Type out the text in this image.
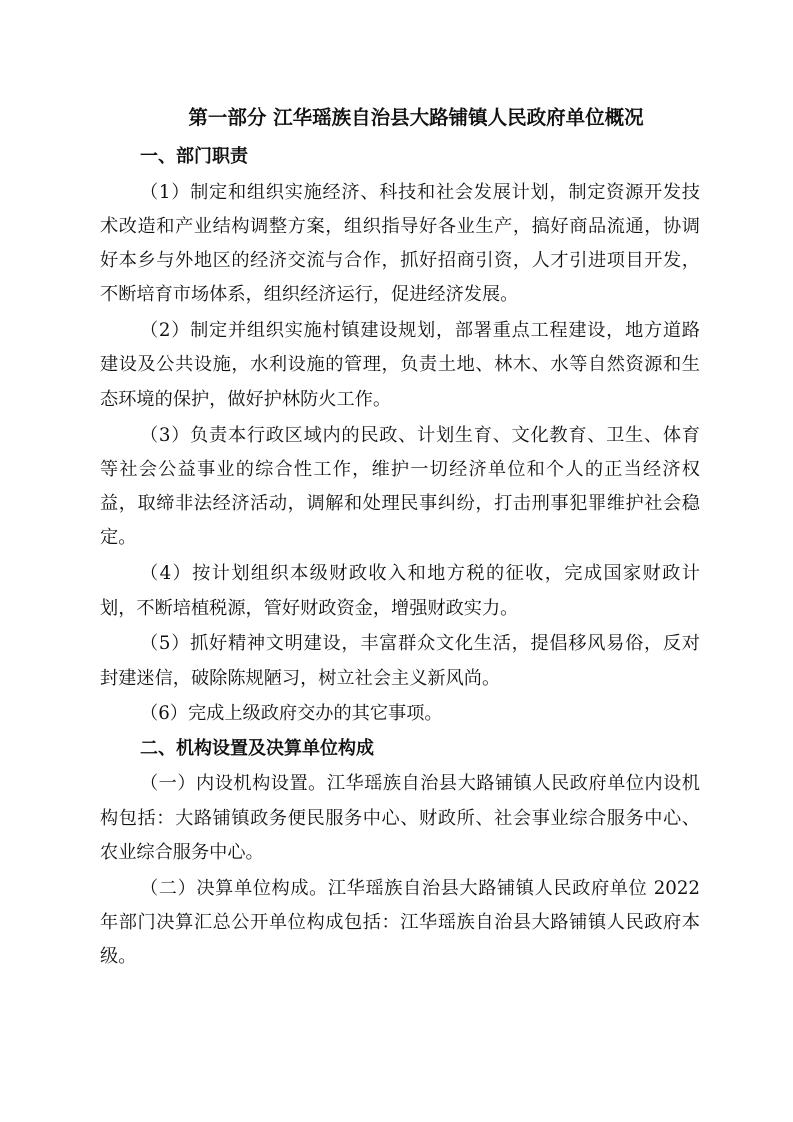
第一部分 江华瑶族自治县大路铺镇人民政府单位概况
一、部门职责
（1）制定和组织实施经济、科技和社会发展计划，制定资源开发技
术改造和产业结构调整方案，组织指导好各业生产，搞好商品流通，协调
好本乡与外地区的经济交流与合作，抓好招商引资，人才引进项目开发，
不断培育市场体系，组织经济运行，促进经济发展。
（2）制定并组织实施村镇建设规划，部署重点工程建设，地方道路
建设及公共设施，水利设施的管理，负责土地、林木、水等自然资源和生
态环境的保护，做好护林防火工作。
（3）负责本行政区域内的民政、计划生育、文化教育、卫生、体育
等社会公益事业的综合性工作，维护一切经济单位和个人的正当经济权
益，取缔非法经济活动，调解和处理民事纠纷，打击刑事犯罪维护社会稳
定。
（4）按计划组织本级财政收入和地方税的征收，完成国家财政计
划，不断培植税源，管好财政资金，增强财政实力。
（5）抓好精神文明建设，丰富群众文化生活，提倡移风易俗，反对
封建迷信，破除陈规陋习，树立社会主义新风尚。
（6）完成上级政府交办的其它事项。
二、机构设置及决算单位构成
（一）内设机构设置。江华瑶族自治县大路铺镇人民政府单位内设机
构包括：大路铺镇政务便民服务中心、财政所、社会事业综合服务中心、
农业综合服务中心。
（二）决算单位构成。江华瑶族自治县大路铺镇人民政府单位 2022
年部门决算汇总公开单位构成包括：江华瑶族自治县大路铺镇人民政府本
级。
